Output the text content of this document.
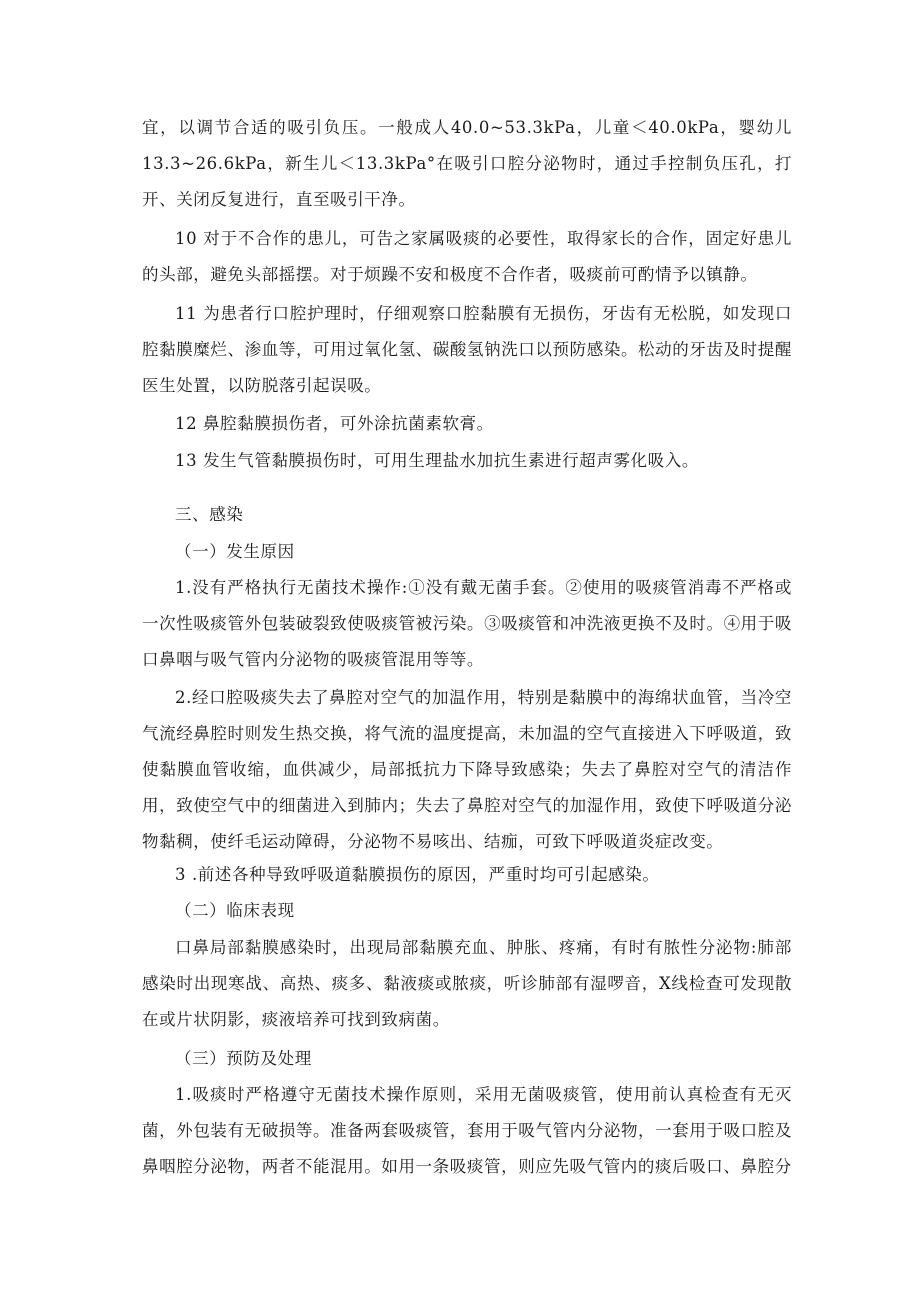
宜，以调节合适的吸引负压。一般成人40.0~53.3kPa，儿童＜40.0kPa，婴幼儿13.3~26.6kPa，新生儿＜13.3kPa°在吸引口腔分泌物时，通过手控制负压孔，打开、关闭反复进行，直至吸引干净。

10 对于不合作的患儿，可告之家属吸痰的必要性，取得家长的合作，固定好患儿的头部，避免头部摇摆。对于烦躁不安和极度不合作者，吸痰前可酌情予以镇静。

11 为患者行口腔护理时，仔细观察口腔黏膜有无损伤，牙齿有无松脱，如发现口腔黏膜糜烂、渗血等，可用过氧化氢、碳酸氢钠洗口以预防感染。松动的牙齿及时提醒医生处置，以防脱落引起误吸。

12 鼻腔黏膜损伤者，可外涂抗菌素软膏。

13 发生气管黏膜损伤时，可用生理盐水加抗生素进行超声雾化吸入。

三、感染

（一）发生原因

1.没有严格执行无菌技术操作:①没有戴无菌手套。②使用的吸痰管消毒不严格或一次性吸痰管外包装破裂致使吸痰管被污染。③吸痰管和冲洗液更换不及时。④用于吸口鼻咽与吸气管内分泌物的吸痰管混用等等。

2.经口腔吸痰失去了鼻腔对空气的加温作用，特别是黏膜中的海绵状血管，当冷空气流经鼻腔时则发生热交换，将气流的温度提高，未加温的空气直接进入下呼吸道，致使黏膜血管收缩，血供减少，局部抵抗力下降导致感染；失去了鼻腔对空气的清洁作用，致使空气中的细菌进入到肺内；失去了鼻腔对空气的加湿作用，致使下呼吸道分泌物黏稠，使纤毛运动障碍，分泌物不易咳出、结痂，可致下呼吸道炎症改变。

3 .前述各种导致呼吸道黏膜损伤的原因，严重时均可引起感染。

（二）临床表现

口鼻局部黏膜感染时，出现局部黏膜充血、肿胀、疼痛，有时有脓性分泌物:肺部感染时出现寒战、高热、痰多、黏液痰或脓痰，听诊肺部有湿啰音，X线检查可发现散在或片状阴影，痰液培养可找到致病菌。

（三）预防及处理

1.吸痰时严格遵守无菌技术操作原则，采用无菌吸痰管，使用前认真检查有无灭菌，外包装有无破损等。准备两套吸痰管，套用于吸气管内分泌物，一套用于吸口腔及鼻咽腔分泌物，两者不能混用。如用一条吸痰管，则应先吸气管内的痰后吸口、鼻腔分
